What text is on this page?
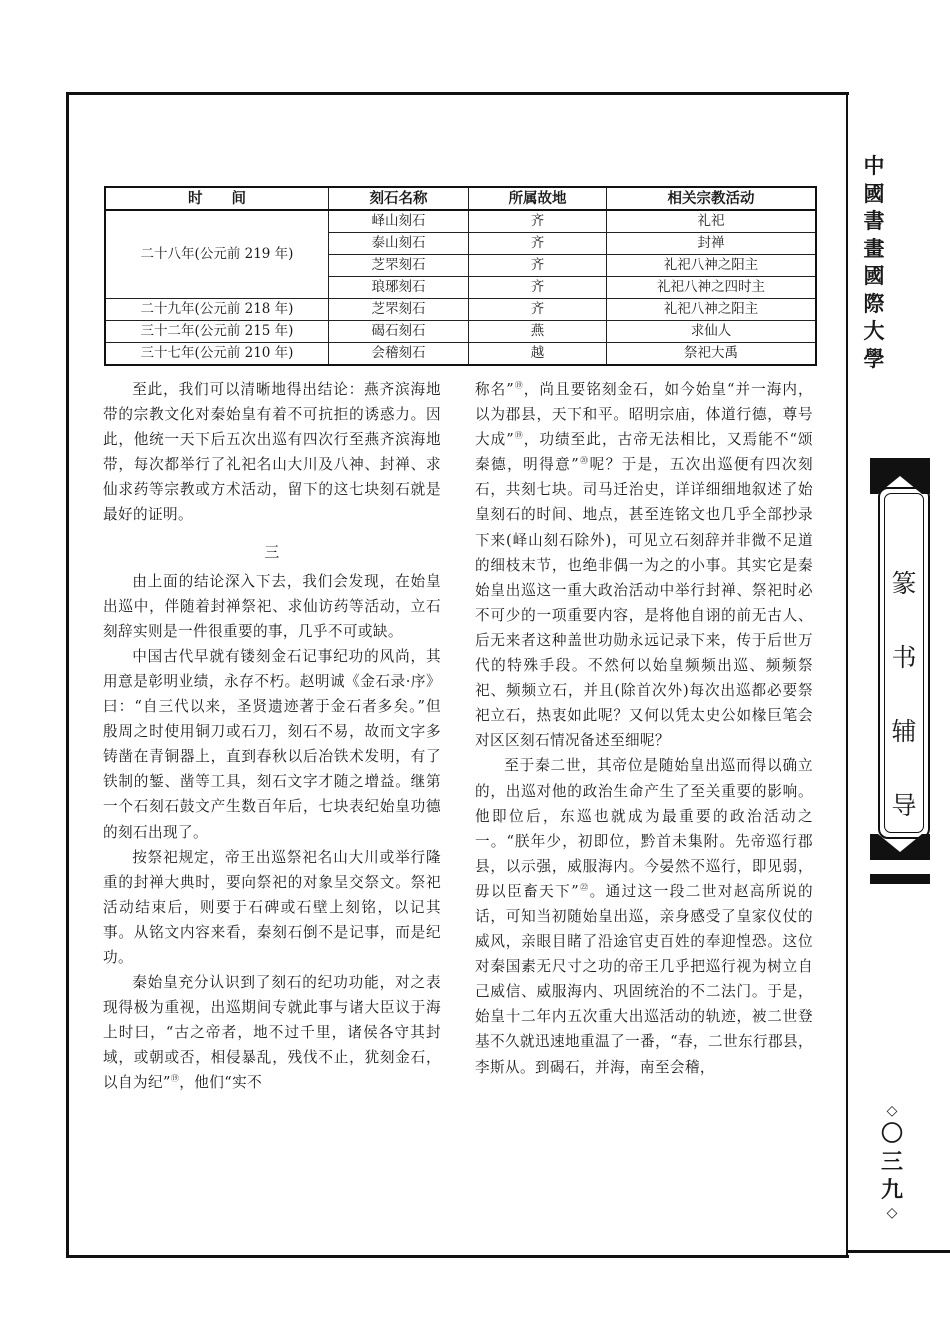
中
國
書
畫
國
際
大
學
篆
书
辅
导
◇
〇
三
九
◇
时　　间	刻石名称	所属故地	相关宗教活动
二十八年(公元前 219 年)	峄山刻石	齐	礼祀
	泰山刻石	齐	封禅
	芝罘刻石	齐	礼祀八神之阳主
	琅琊刻石	齐	礼祀八神之四时主
二十九年(公元前 218 年)	芝罘刻石	齐	礼祀八神之阳主
三十二年(公元前 215 年)	碣石刻石	燕	求仙人
三十七年(公元前 210 年)	会稽刻石	越	祭祀大禹

至此，我们可以清晰地得出结论：燕齐滨海地带的宗教文化对秦始皇有着不可抗拒的诱惑力。因此，他统一天下后五次出巡有四次行至燕齐滨海地带，每次都举行了礼祀名山大川及八神、封禅、求仙求药等宗教或方术活动，留下的这七块刻石就是最好的证明。

三

由上面的结论深入下去，我们会发现，在始皇出巡中，伴随着封禅祭祀、求仙访药等活动，立石刻辞实则是一件很重要的事，几乎不可或缺。

中国古代早就有镂刻金石记事纪功的风尚，其用意是彰明业绩，永存不朽。赵明诚《金石录·序》曰：“自三代以来，圣贤遗迹著于金石者多矣。”但殷周之时使用铜刀或石刀，刻石不易，故而文字多铸凿在青铜器上，直到春秋以后冶铁术发明，有了铁制的錾、凿等工具，刻石文字才随之增益。继第一个石刻石鼓文产生数百年后，七块表纪始皇功德的刻石出现了。

按祭祀规定，帝王出巡祭祀名山大川或举行隆重的封禅大典时，要向祭祀的对象呈交祭文。祭祀活动结束后，则要于石碑或石壁上刻铭，以记其事。从铭文内容来看，秦刻石倒不是记事，而是纪功。

秦始皇充分认识到了刻石的纪功功能，对之表现得极为重视，出巡期间专就此事与诸大臣议于海上时曰，“古之帝者，地不过千里，诸侯各守其封域，或朝或否，相侵暴乱，残伐不止，犹刻金石，以自为纪”⑲，他们“实不

称名”⑲，尚且要铭刻金石，如今始皇“并一海内，以为郡县，天下和平。昭明宗庙，体道行德，尊号大成”⑲，功绩至此，古帝无法相比，又焉能不“颂秦德，明得意”⑳呢？于是，五次出巡便有四次刻石，共刻七块。司马迁治史，详详细细地叙述了始皇刻石的时间、地点，甚至连铭文也几乎全部抄录下来(峄山刻石除外)，可见立石刻辞并非微不足道的细枝末节，也绝非偶一为之的小事。其实它是秦始皇出巡这一重大政治活动中举行封禅、祭祀时必不可少的一项重要内容，是将他自诩的前无古人、后无来者这种盖世功勋永远记录下来，传于后世万代的特殊手段。不然何以始皇频频出巡、频频祭祀、频频立石，并且(除首次外)每次出巡都必要祭祀立石，热衷如此呢？又何以凭太史公如椽巨笔会对区区刻石情况备述至细呢？

至于秦二世，其帝位是随始皇出巡而得以确立的，出巡对他的政治生命产生了至关重要的影响。他即位后，东巡也就成为最重要的政治活动之一。“朕年少，初即位，黔首未集附。先帝巡行郡县，以示强，威服海内。今晏然不巡行，即见弱，毋以臣畜天下”$^㉒$。通过这一段二世对赵高所说的话，可知当初随始皇出巡，亲身感受了皇家仪仗的威风，亲眼目睹了沿途官吏百姓的奉迎惶恐。这位对秦国素无尺寸之功的帝王几乎把巡行视为树立自己威信、威服海内、巩固统治的不二法门。于是，始皇十二年内五次重大出巡活动的轨迹，被二世登基不久就迅速地重温了一番，“春，二世东行郡县，李斯从。到碣石，并海，南至会稽，
